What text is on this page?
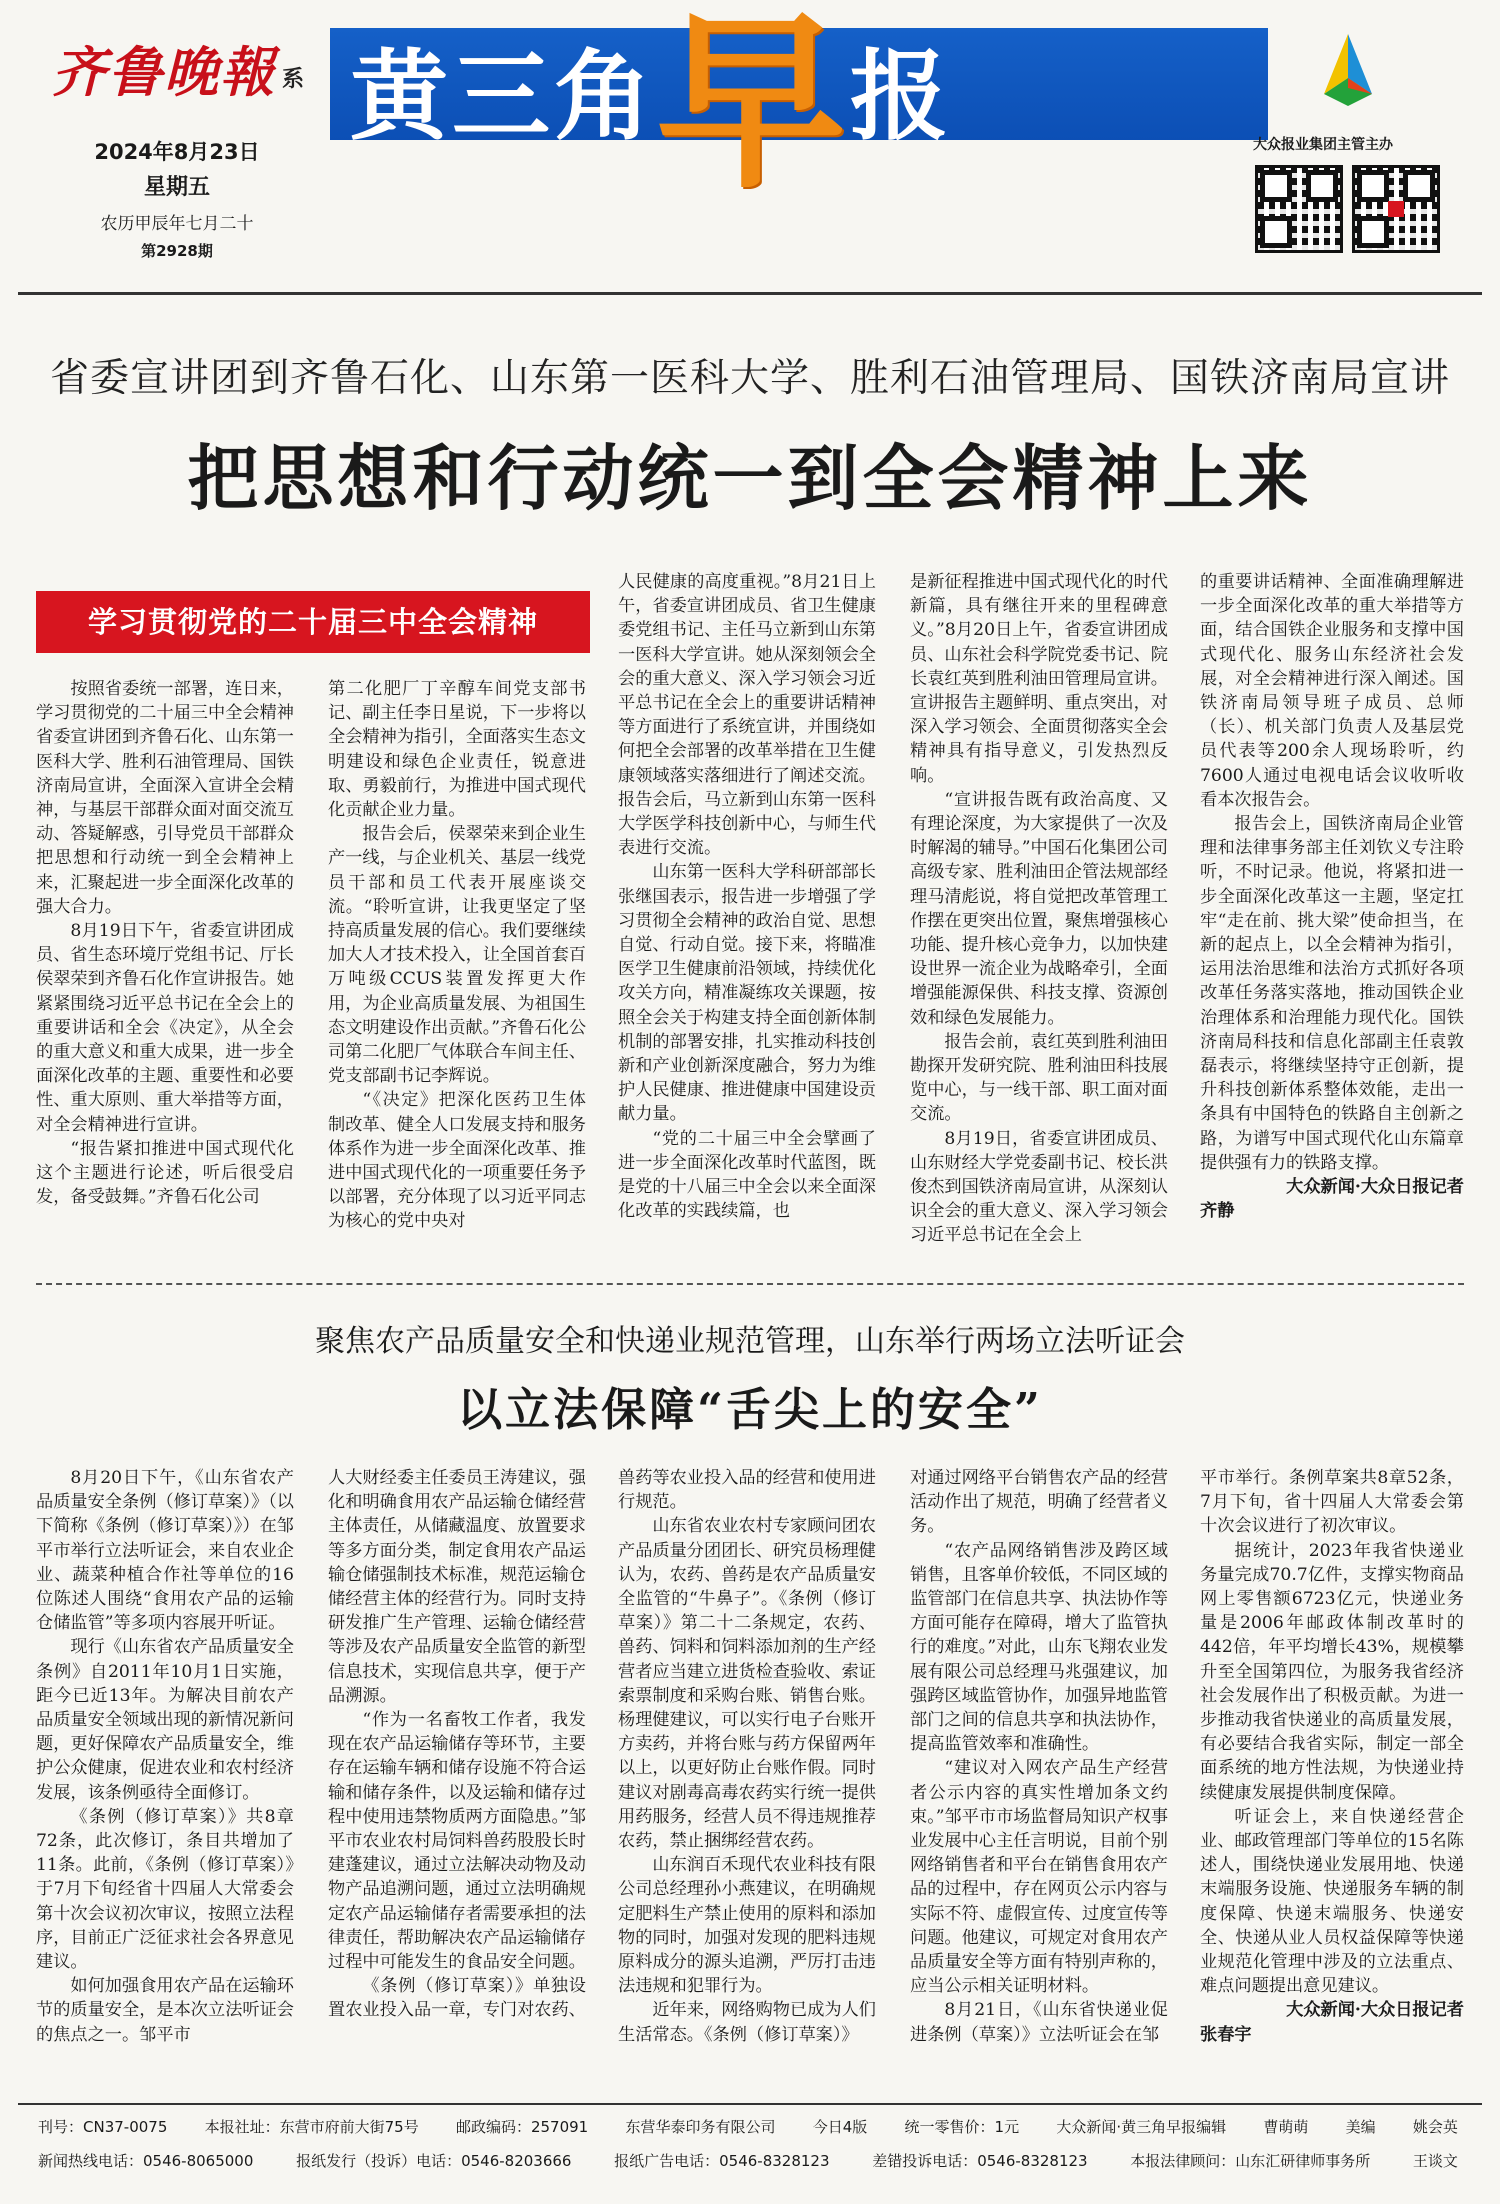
齐鲁晚報 系
2024年8月23日
星期五
农历甲辰年七月二十
第2928期
黄三角早报	大众报业集团主管主办
省委宣讲团到齐鲁石化、山东第一医科大学、胜利石油管理局、国铁济南局宣讲
把思想和行动统一到全会精神上来
学习贯彻党的二十届三中全会精神

按照省委统一部署，连日来，学习贯彻党的二十届三中全会精神省委宣讲团到齐鲁石化、山东第一医科大学、胜利石油管理局、国铁济南局宣讲，全面深入宣讲全会精神，与基层干部群众面对面交流互动、答疑解惑，引导党员干部群众把思想和行动统一到全会精神上来，汇聚起进一步全面深化改革的强大合力。

8月19日下午，省委宣讲团成员、省生态环境厅党组书记、厅长侯翠荣到齐鲁石化作宣讲报告。她紧紧围绕习近平总书记在全会上的重要讲话和全会《决定》，从全会的重大意义和重大成果，进一步全面深化改革的主题、重要性和必要性、重大原则、重大举措等方面，对全会精神进行宣讲。

“报告紧扣推进中国式现代化这个主题进行论述，听后很受启发，备受鼓舞。”齐鲁石化公司

第二化肥厂丁辛醇车间党支部书记、副主任李日星说，下一步将以全会精神为指引，全面落实生态文明建设和绿色企业责任，锐意进取、勇毅前行，为推进中国式现代化贡献企业力量。

报告会后，侯翠荣来到企业生产一线，与企业机关、基层一线党员干部和员工代表开展座谈交流。“聆听宣讲，让我更坚定了坚持高质量发展的信心。我们要继续加大人才技术投入，让全国首套百万吨级CCUS装置发挥更大作用，为企业高质量发展、为祖国生态文明建设作出贡献。”齐鲁石化公司第二化肥厂气体联合车间主任、党支部副书记李辉说。

“《决定》把深化医药卫生体制改革、健全人口发展支持和服务体系作为进一步全面深化改革、推进中国式现代化的一项重要任务予以部署，充分体现了以习近平同志为核心的党中央对

人民健康的高度重视。”8月21日上午，省委宣讲团成员、省卫生健康委党组书记、主任马立新到山东第一医科大学宣讲。她从深刻领会全会的重大意义、深入学习领会习近平总书记在全会上的重要讲话精神等方面进行了系统宣讲，并围绕如何把全会部署的改革举措在卫生健康领域落实落细进行了阐述交流。报告会后，马立新到山东第一医科大学医学科技创新中心，与师生代表进行交流。

山东第一医科大学科研部部长张继国表示，报告进一步增强了学习贯彻全会精神的政治自觉、思想自觉、行动自觉。接下来，将瞄准医学卫生健康前沿领域，持续优化攻关方向，精准凝练攻关课题，按照全会关于构建支持全面创新体制机制的部署安排，扎实推动科技创新和产业创新深度融合，努力为维护人民健康、推进健康中国建设贡献力量。

“党的二十届三中全会擘画了进一步全面深化改革时代蓝图，既是党的十八届三中全会以来全面深化改革的实践续篇，也

是新征程推进中国式现代化的时代新篇，具有继往开来的里程碑意义。”8月20日上午，省委宣讲团成员、山东社会科学院党委书记、院长袁红英到胜利油田管理局宣讲。宣讲报告主题鲜明、重点突出，对深入学习领会、全面贯彻落实全会精神具有指导意义，引发热烈反响。

“宣讲报告既有政治高度、又有理论深度，为大家提供了一次及时解渴的辅导。”中国石化集团公司高级专家、胜利油田企管法规部经理马清彪说，将自觉把改革管理工作摆在更突出位置，聚焦增强核心功能、提升核心竞争力，以加快建设世界一流企业为战略牵引，全面增强能源保供、科技支撑、资源创效和绿色发展能力。

报告会前，袁红英到胜利油田勘探开发研究院、胜利油田科技展览中心，与一线干部、职工面对面交流。

8月19日，省委宣讲团成员、山东财经大学党委副书记、校长洪俊杰到国铁济南局宣讲，从深刻认识全会的重大意义、深入学习领会习近平总书记在全会上

的重要讲话精神、全面准确理解进一步全面深化改革的重大举措等方面，结合国铁企业服务和支撑中国式现代化、服务山东经济社会发展，对全会精神进行深入阐述。国铁济南局领导班子成员、总师（长）、机关部门负责人及基层党员代表等200余人现场聆听，约7600人通过电视电话会议收听收看本次报告会。

报告会上，国铁济南局企业管理和法律事务部主任刘钦义专注聆听，不时记录。他说，将紧扣进一步全面深化改革这一主题，坚定扛牢“走在前、挑大梁”使命担当，在新的起点上，以全会精神为指引，运用法治思维和法治方式抓好各项改革任务落实落地，推动国铁企业治理体系和治理能力现代化。国铁济南局科技和信息化部副主任袁敦磊表示，将继续坚持守正创新，提升科技创新体系整体效能，走出一条具有中国特色的铁路自主创新之路，为谱写中国式现代化山东篇章提供强有力的铁路支撑。

大众新闻·大众日报记者

齐静

聚焦农产品质量安全和快递业规范管理，山东举行两场立法听证会
以立法保障“舌尖上的安全”

8月20日下午，《山东省农产品质量安全条例（修订草案）》（以下简称《条例（修订草案）》）在邹平市举行立法听证会，来自农业企业、蔬菜种植合作社等单位的16位陈述人围绕“食用农产品的运输仓储监管”等多项内容展开听证。

现行《山东省农产品质量安全条例》自2011年10月1日实施，距今已近13年。为解决目前农产品质量安全领域出现的新情况新问题，更好保障农产品质量安全，维护公众健康，促进农业和农村经济发展，该条例亟待全面修订。

《条例（修订草案）》共8章72条，此次修订，条目共增加了11条。此前，《条例（修订草案）》于7月下旬经省十四届人大常委会第十次会议初次审议，按照立法程序，目前正广泛征求社会各界意见建议。

如何加强食用农产品在运输环节的质量安全，是本次立法听证会的焦点之一。邹平市

人大财经委主任委员王涛建议，强化和明确食用农产品运输仓储经营主体责任，从储藏温度、放置要求等多方面分类，制定食用农产品运输仓储强制技术标准，规范运输仓储经营主体的经营行为。同时支持研发推广生产管理、运输仓储经营等涉及农产品质量安全监管的新型信息技术，实现信息共享，便于产品溯源。

“作为一名畜牧工作者，我发现在农产品运输储存等环节，主要存在运输车辆和储存设施不符合运输和储存条件，以及运输和储存过程中使用违禁物质两方面隐患。”邹平市农业农村局饲料兽药股股长时建蓬建议，通过立法解决动物及动物产品追溯问题，通过立法明确规定农产品运输储存者需要承担的法律责任，帮助解决农产品运输储存过程中可能发生的食品安全问题。

《条例（修订草案）》单独设置农业投入品一章，专门对农药、

兽药等农业投入品的经营和使用进行规范。

山东省农业农村专家顾问团农产品质量分团团长、研究员杨理健认为，农药、兽药是农产品质量安全监管的“牛鼻子”。《条例（修订草案）》第二十二条规定，农药、兽药、饲料和饲料添加剂的生产经营者应当建立进货检查验收、索证索票制度和采购台账、销售台账。杨理健建议，可以实行电子台账开方卖药，并将台账与药方保留两年以上，以更好防止台账作假。同时建议对剧毒高毒农药实行统一提供用药服务，经营人员不得违规推荐农药，禁止捆绑经营农药。

山东润百禾现代农业科技有限公司总经理孙小燕建议，在明确规定肥料生产禁止使用的原料和添加物的同时，加强对发现的肥料违规原料成分的源头追溯，严厉打击违法违规和犯罪行为。

近年来，网络购物已成为人们生活常态。《条例（修订草案）》

对通过网络平台销售农产品的经营活动作出了规范，明确了经营者义务。

“农产品网络销售涉及跨区域销售，且客单价较低，不同区域的监管部门在信息共享、执法协作等方面可能存在障碍，增大了监管执行的难度。”对此，山东飞翔农业发展有限公司总经理马兆强建议，加强跨区域监管协作，加强异地监管部门之间的信息共享和执法协作，提高监管效率和准确性。

“建议对入网农产品生产经营者公示内容的真实性增加条文约束。”邹平市市场监督局知识产权事业发展中心主任言明说，目前个别网络销售者和平台在销售食用农产品的过程中，存在网页公示内容与实际不符、虚假宣传、过度宣传等问题。他建议，可规定对食用农产品质量安全等方面有特别声称的，应当公示相关证明材料。

8月21日，《山东省快递业促进条例（草案）》立法听证会在邹

平市举行。条例草案共8章52条，7月下旬，省十四届人大常委会第十次会议进行了初次审议。

据统计，2023年我省快递业务量完成70.7亿件，支撑实物商品网上零售额6723亿元，快递业务量是2006年邮政体制改革时的442倍，年平均增长43%，规模攀升至全国第四位，为服务我省经济社会发展作出了积极贡献。为进一步推动我省快递业的高质量发展，有必要结合我省实际，制定一部全面系统的地方性法规，为快递业持续健康发展提供制度保障。

听证会上，来自快递经营企业、邮政管理部门等单位的15名陈述人，围绕快递业发展用地、快递末端服务设施、快递服务车辆的制度保障、快递末端服务、快递安全、快递从业人员权益保障等快递业规范化管理中涉及的立法重点、难点问题提出意见建议。

大众新闻·大众日报记者

张春宇

刊号：CN37-0075 本报社址：东营市府前大街75号 邮政编码：257091 东营华泰印务有限公司 今日4版 统一零售价：1元 大众新闻·黄三角早报编辑 曹萌萌 美编 姚会英
新闻热线电话：0546-8065000	报纸发行（投诉）电话：0546-8203666	报纸广告电话：0546-8328123	差错投诉电话：0546-8328123	本报法律顾问：山东汇研律师事务所	王谈文
